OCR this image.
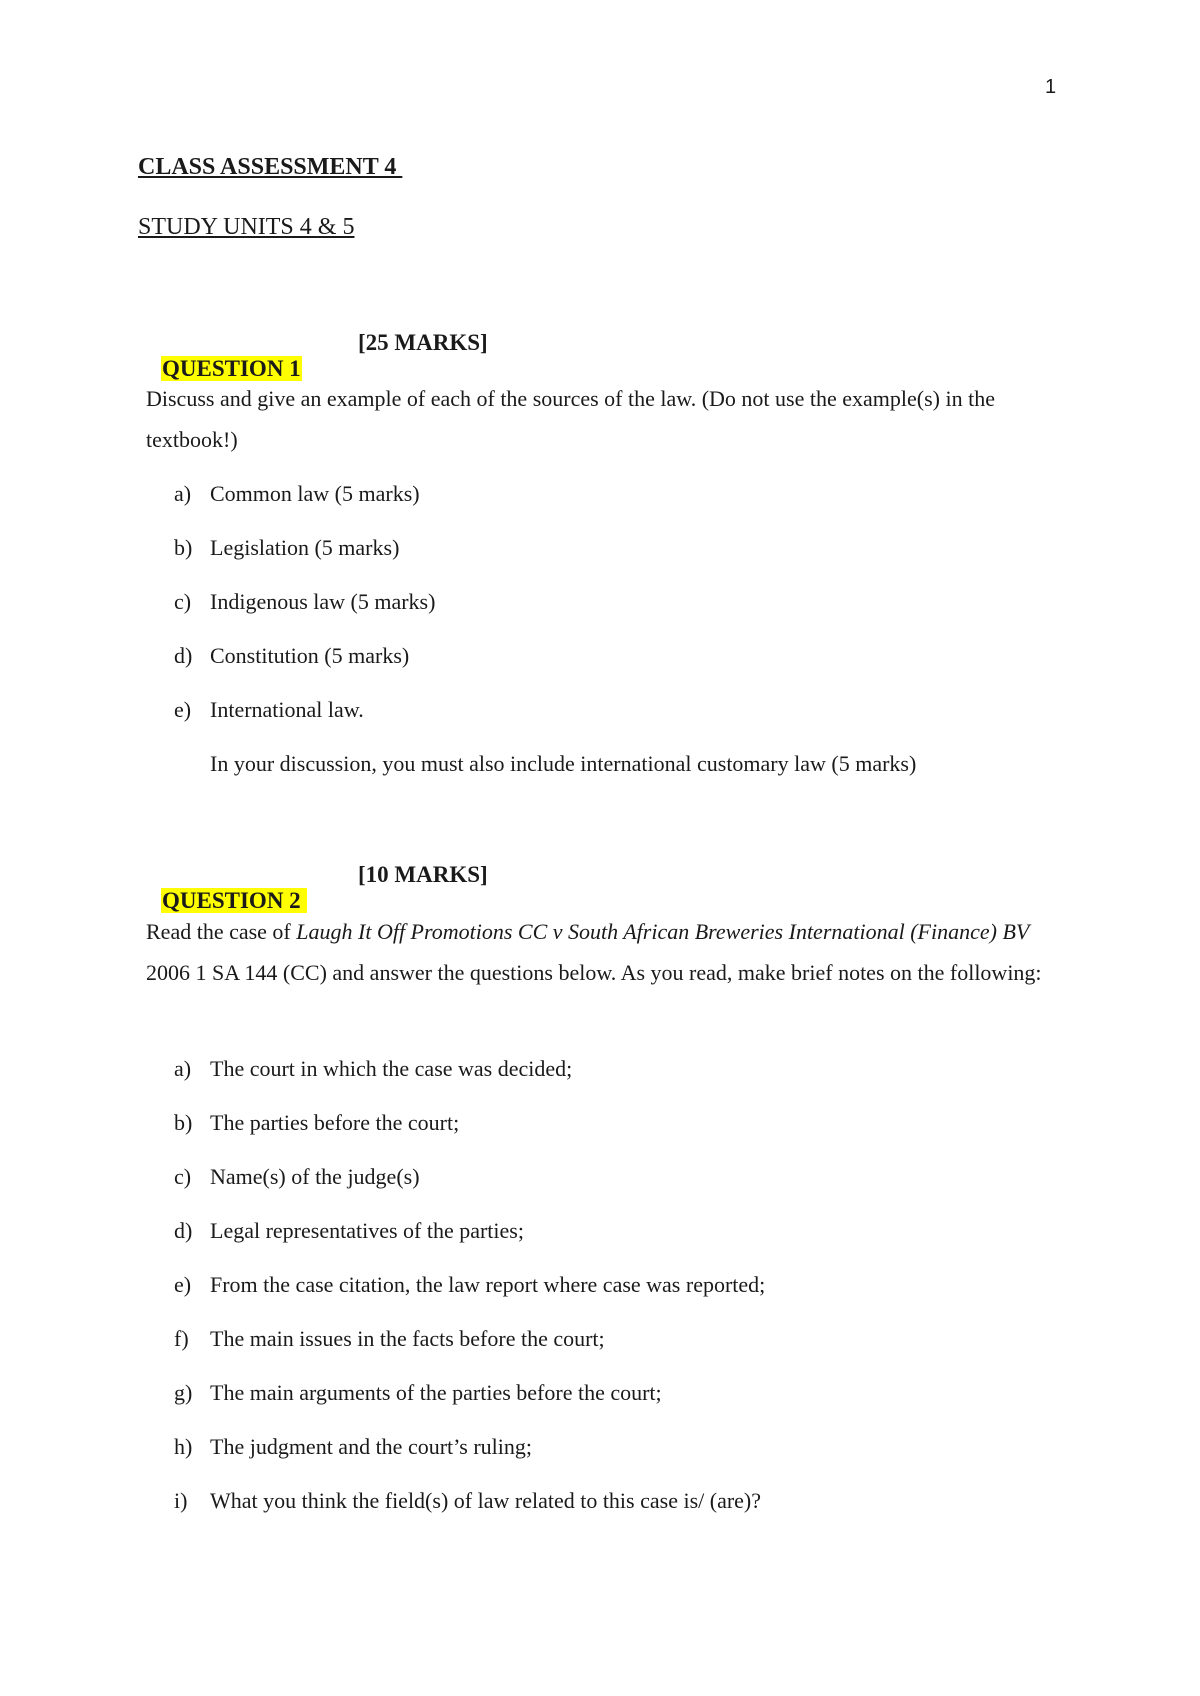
1
CLASS ASSESSMENT 4
STUDY UNITS 4 & 5

QUESTION 1
[25 MARKS]

Discuss and give an example of each of the sources of the law. (Do not use the example(s) in the textbook!)
a) Common law (5 marks)
b) Legislation (5 marks)
c) Indigenous law (5 marks)
d) Constitution (5 marks)
e) International law.
In your discussion, you must also include international customary law (5 marks)

QUESTION 2
[10 MARKS]

Read the case of Laugh It Off Promotions CC v South African Breweries International (Finance) BV 2006 1 SA 144 (CC) and answer the questions below. As you read, make brief notes on the following:
a) The court in which the case was decided;
b) The parties before the court;
c) Name(s) of the judge(s)
d) Legal representatives of the parties;
e) From the case citation, the law report where case was reported;
f) The main issues in the facts before the court;
g) The main arguments of the parties before the court;
h) The judgment and the court’s ruling;
i) What you think the field(s) of law related to this case is/ (are)?
